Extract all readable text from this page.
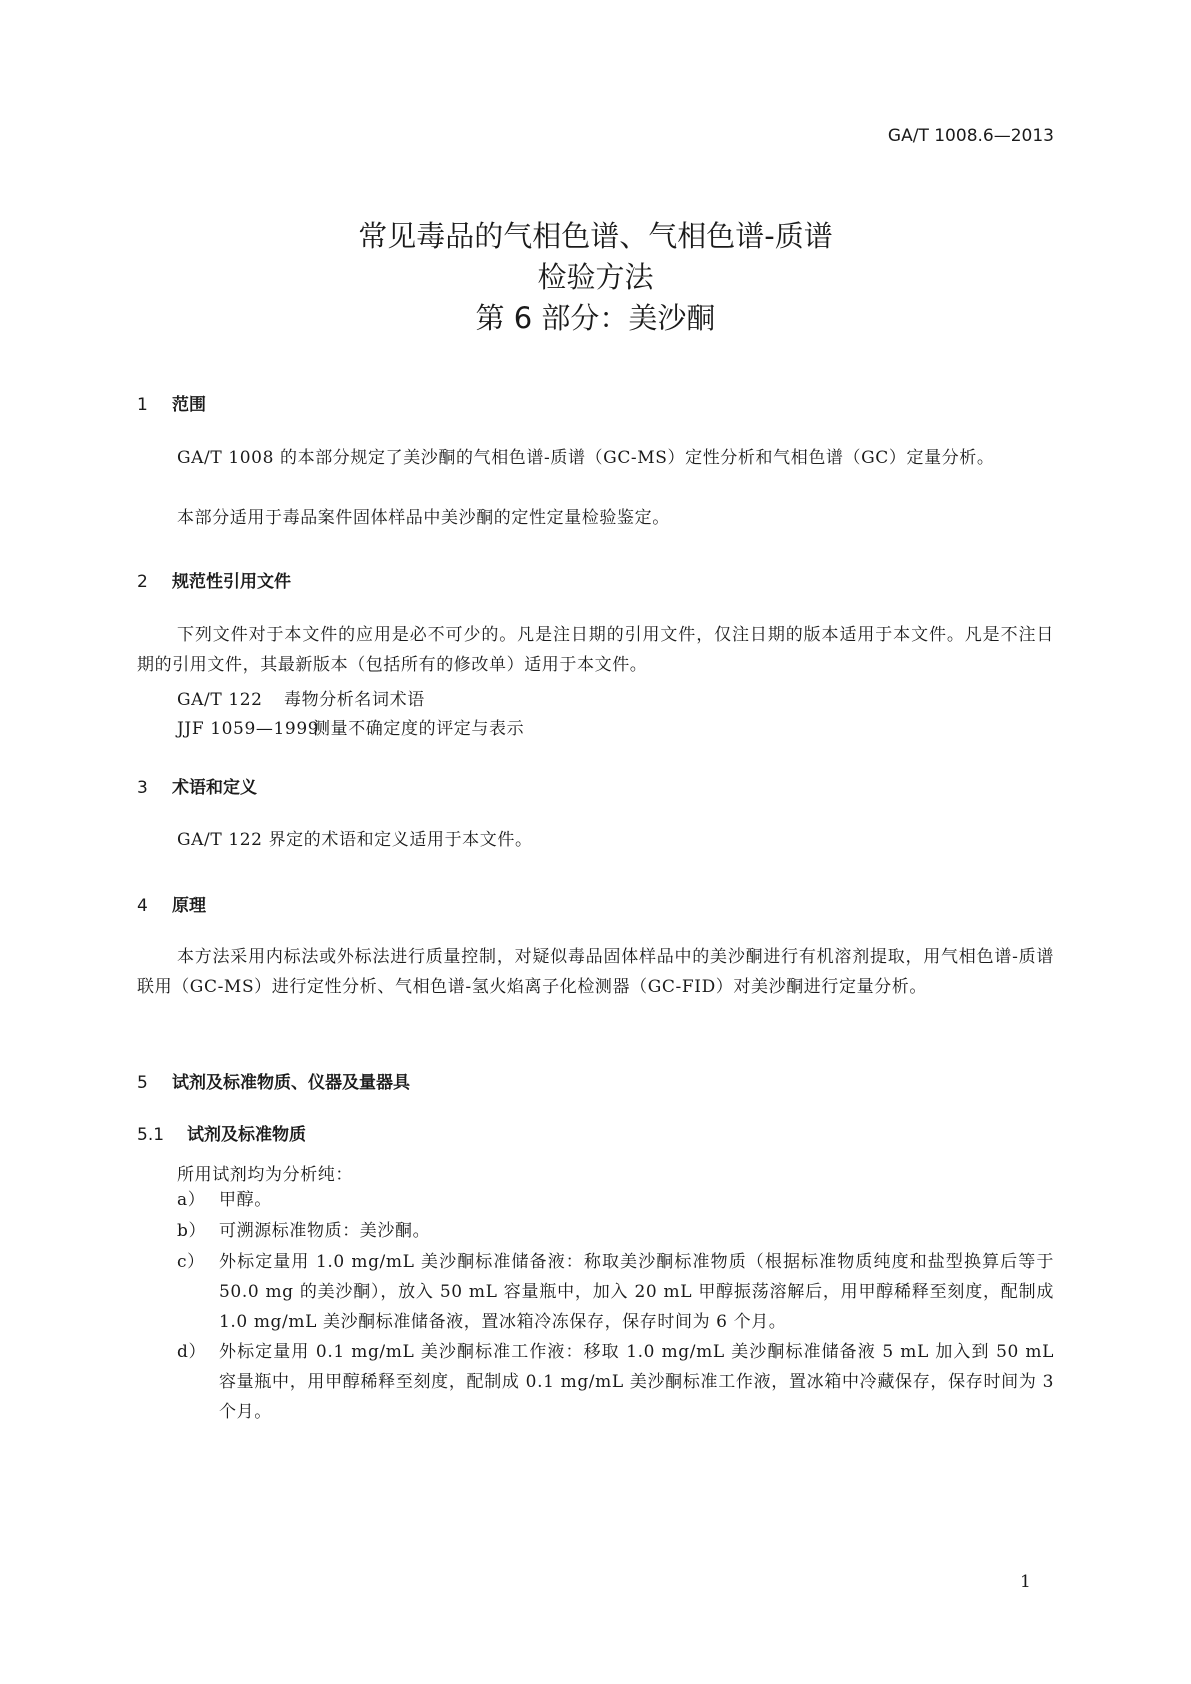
GA/T 1008.6—2013
常见毒品的气相色谱、气相色谱-质谱
检验方法
第 6 部分：美沙酮
1 范围
GA/T 1008 的本部分规定了美沙酮的气相色谱-质谱（GC-MS）定性分析和气相色谱（GC）定量分析。
本部分适用于毒品案件固体样品中美沙酮的定性定量检验鉴定。
2 规范性引用文件
下列文件对于本文件的应用是必不可少的。凡是注日期的引用文件，仅注日期的版本适用于本文件。凡是不注日期的引用文件，其最新版本（包括所有的修改单）适用于本文件。
GA/T 122 毒物分析名词术语
JJF 1059—1999测量不确定度的评定与表示
3 术语和定义
GA/T 122 界定的术语和定义适用于本文件。
4 原理
本方法采用内标法或外标法进行质量控制，对疑似毒品固体样品中的美沙酮进行有机溶剂提取，用气相色谱-质谱联用（GC-MS）进行定性分析、气相色谱-氢火焰离子化检测器（GC-FID）对美沙酮进行定量分析。
5 试剂及标准物质、仪器及量器具
5.1 试剂及标准物质
所用试剂均为分析纯：
a） 甲醇。
b） 可溯源标准物质：美沙酮。
c） 外标定量用 1.0 mg/mL 美沙酮标准储备液：称取美沙酮标准物质（根据标准物质纯度和盐型换算后等于 50.0 mg 的美沙酮），放入 50 mL 容量瓶中，加入 20 mL 甲醇振荡溶解后，用甲醇稀释至刻度，配制成 1.0 mg/mL 美沙酮标准储备液，置冰箱冷冻保存，保存时间为 6 个月。
d） 外标定量用 0.1 mg/mL 美沙酮标准工作液：移取 1.0 mg/mL 美沙酮标准储备液 5 mL 加入到 50 mL 容量瓶中，用甲醇稀释至刻度，配制成 0.1 mg/mL 美沙酮标准工作液，置冰箱中冷藏保存，保存时间为 3 个月。
1
